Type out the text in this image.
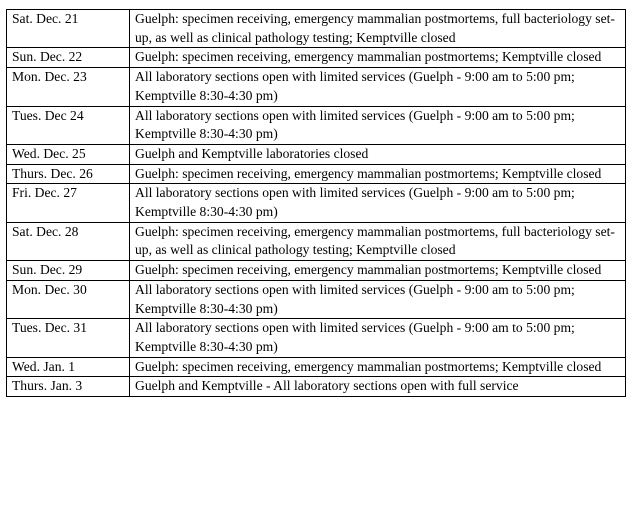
Sat. Dec. 21	Guelph: specimen receiving, emergency mammalian postmortems, full bacteriology set-up, as well as clinical pathology testing; Kemptville closed
Sun. Dec. 22	Guelph: specimen receiving, emergency mammalian postmortems; Kemptville closed
Mon. Dec. 23	All laboratory sections open with limited services (Guelph - 9:00 am to 5:00 pm; Kemptville 8:30-4:30 pm)
Tues. Dec 24	All laboratory sections open with limited services (Guelph - 9:00 am to 5:00 pm; Kemptville 8:30-4:30 pm)
Wed. Dec. 25	Guelph and Kemptville laboratories closed
Thurs. Dec. 26	Guelph: specimen receiving, emergency mammalian postmortems; Kemptville closed
Fri. Dec. 27	All laboratory sections open with limited services (Guelph - 9:00 am to 5:00 pm; Kemptville 8:30-4:30 pm)
Sat. Dec. 28	Guelph: specimen receiving, emergency mammalian postmortems, full bacteriology set-up, as well as clinical pathology testing; Kemptville closed
Sun. Dec. 29	Guelph: specimen receiving, emergency mammalian postmortems; Kemptville closed
Mon. Dec. 30	All laboratory sections open with limited services (Guelph - 9:00 am to 5:00 pm; Kemptville 8:30-4:30 pm)
Tues. Dec. 31	All laboratory sections open with limited services (Guelph - 9:00 am to 5:00 pm; Kemptville 8:30-4:30 pm)
Wed. Jan. 1	Guelph: specimen receiving, emergency mammalian postmortems; Kemptville closed
Thurs. Jan. 3	Guelph and Kemptville - All laboratory sections open with full service
